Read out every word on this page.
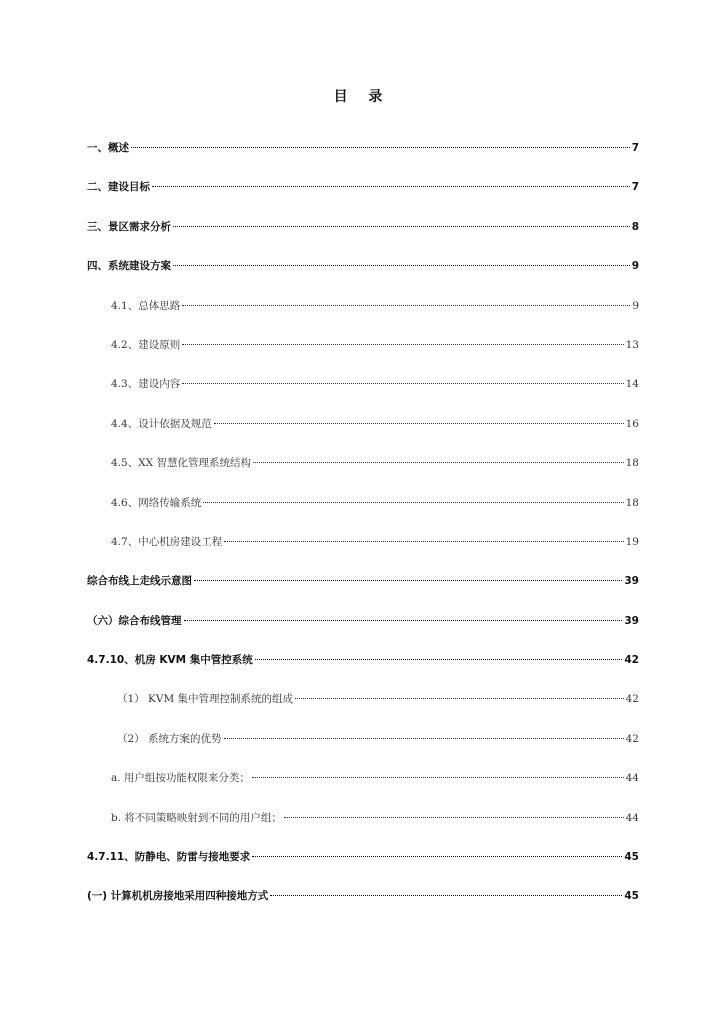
目 录
一、概述	7
二、建设目标	7
三、景区需求分析	8
四、系统建设方案	9
4.1、总体思路	9
4.2、建设原则	13
4.3、建设内容	14
4.4、设计依据及规范	16
4.5、XX 智慧化管理系统结构	18
4.6、网络传输系统	18
4.7、中心机房建设工程	19
综合布线上走线示意图	39
（六）综合布线管理	39
4.7.10、机房 KVM 集中管控系统	42
（1） KVM 集中管理控制系统的组成	42
（2） 系统方案的优势	42
a. 用户组按功能权限来分类；	44
b. 将不同策略映射到不同的用户组；	44
4.7.11、防静电、防雷与接地要求	45
(一) 计算机机房接地采用四种接地方式	45
